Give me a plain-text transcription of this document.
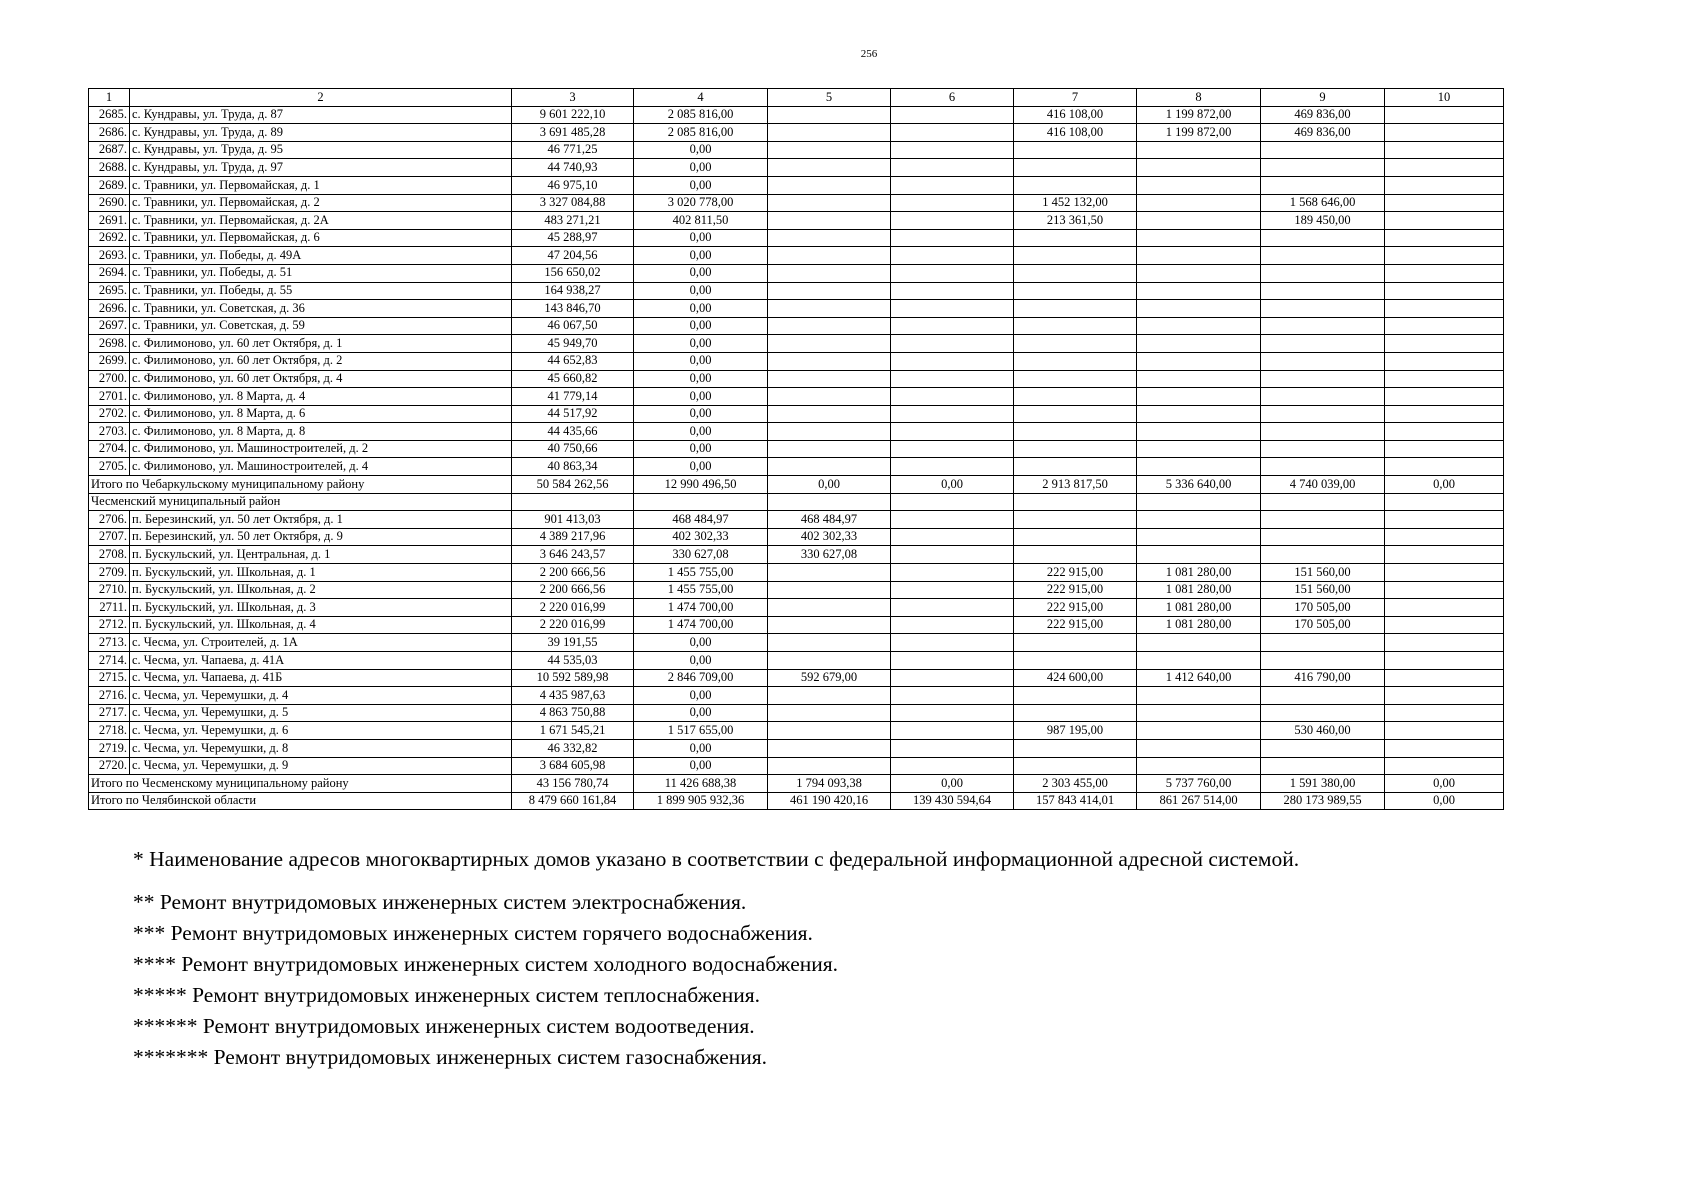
256
1	2	3	4	5	6	7	8	9	10
2685.	с. Кундравы, ул. Труда, д. 87	9 601 222,10	2 085 816,00			416 108,00	1 199 872,00	469 836,00	
2686.	с. Кундравы, ул. Труда, д. 89	3 691 485,28	2 085 816,00			416 108,00	1 199 872,00	469 836,00	
2687.	с. Кундравы, ул. Труда, д. 95	46 771,25	0,00						
2688.	с. Кундравы, ул. Труда, д. 97	44 740,93	0,00						
2689.	с. Травники, ул. Первомайская, д. 1	46 975,10	0,00						
2690.	с. Травники, ул. Первомайская, д. 2	3 327 084,88	3 020 778,00			1 452 132,00		1 568 646,00	
2691.	с. Травники, ул. Первомайская, д. 2А	483 271,21	402 811,50			213 361,50		189 450,00	
2692.	с. Травники, ул. Первомайская, д. 6	45 288,97	0,00						
2693.	с. Травники, ул. Победы, д. 49А	47 204,56	0,00						
2694.	с. Травники, ул. Победы, д. 51	156 650,02	0,00						
2695.	с. Травники, ул. Победы, д. 55	164 938,27	0,00						
2696.	с. Травники, ул. Советская, д. 36	143 846,70	0,00						
2697.	с. Травники, ул. Советская, д. 59	46 067,50	0,00						
2698.	с. Филимоново, ул. 60 лет Октября, д. 1	45 949,70	0,00						
2699.	с. Филимоново, ул. 60 лет Октября, д. 2	44 652,83	0,00						
2700.	с. Филимоново, ул. 60 лет Октября, д. 4	45 660,82	0,00						
2701.	с. Филимоново, ул. 8 Марта, д. 4	41 779,14	0,00						
2702.	с. Филимоново, ул. 8 Марта, д. 6	44 517,92	0,00						
2703.	с. Филимоново, ул. 8 Марта, д. 8	44 435,66	0,00						
2704.	с. Филимоново, ул. Машиностроителей, д. 2	40 750,66	0,00						
2705.	с. Филимоново, ул. Машиностроителей, д. 4	40 863,34	0,00						
Итого по Чебаркульскому муниципальному району		50 584 262,56	12 990 496,50	0,00	0,00	2 913 817,50	5 336 640,00	4 740 039,00	0,00
Чесменский муниципальный район									
2706.	п. Березинский, ул. 50 лет Октября, д. 1	901 413,03	468 484,97	468 484,97					
2707.	п. Березинский, ул. 50 лет Октября, д. 9	4 389 217,96	402 302,33	402 302,33					
2708.	п. Бускульский, ул. Центральная, д. 1	3 646 243,57	330 627,08	330 627,08					
2709.	п. Бускульский, ул. Школьная, д. 1	2 200 666,56	1 455 755,00			222 915,00	1 081 280,00	151 560,00	
2710.	п. Бускульский, ул. Школьная, д. 2	2 200 666,56	1 455 755,00			222 915,00	1 081 280,00	151 560,00	
2711.	п. Бускульский, ул. Школьная, д. 3	2 220 016,99	1 474 700,00			222 915,00	1 081 280,00	170 505,00	
2712.	п. Бускульский, ул. Школьная, д. 4	2 220 016,99	1 474 700,00			222 915,00	1 081 280,00	170 505,00	
2713.	с. Чесма, ул. Строителей, д. 1А	39 191,55	0,00						
2714.	с. Чесма, ул. Чапаева, д. 41А	44 535,03	0,00						
2715.	с. Чесма, ул. Чапаева, д. 41Б	10 592 589,98	2 846 709,00	592 679,00		424 600,00	1 412 640,00	416 790,00	
2716.	с. Чесма, ул. Черемушки, д. 4	4 435 987,63	0,00						
2717.	с. Чесма, ул. Черемушки, д. 5	4 863 750,88	0,00						
2718.	с. Чесма, ул. Черемушки, д. 6	1 671 545,21	1 517 655,00			987 195,00		530 460,00	
2719.	с. Чесма, ул. Черемушки, д. 8	46 332,82	0,00						
2720.	с. Чесма, ул. Черемушки, д. 9	3 684 605,98	0,00						
Итого по Чесменскому муниципальному району		43 156 780,74	11 426 688,38	1 794 093,38	0,00	2 303 455,00	5 737 760,00	1 591 380,00	0,00
Итого по Челябинской области		8 479 660 161,84	1 899 905 932,36	461 190 420,16	139 430 594,64	157 843 414,01	861 267 514,00	280 173 989,55	0,00
* Наименование адресов многоквартирных домов указано в соответствии с федеральной информационной адресной системой.
** Ремонт внутридомовых инженерных систем электроснабжения.
*** Ремонт внутридомовых инженерных систем горячего водоснабжения.
**** Ремонт внутридомовых инженерных систем холодного водоснабжения.
***** Ремонт внутридомовых инженерных систем теплоснабжения.
****** Ремонт внутридомовых инженерных систем водоотведения.
******* Ремонт внутридомовых инженерных систем газоснабжения.
